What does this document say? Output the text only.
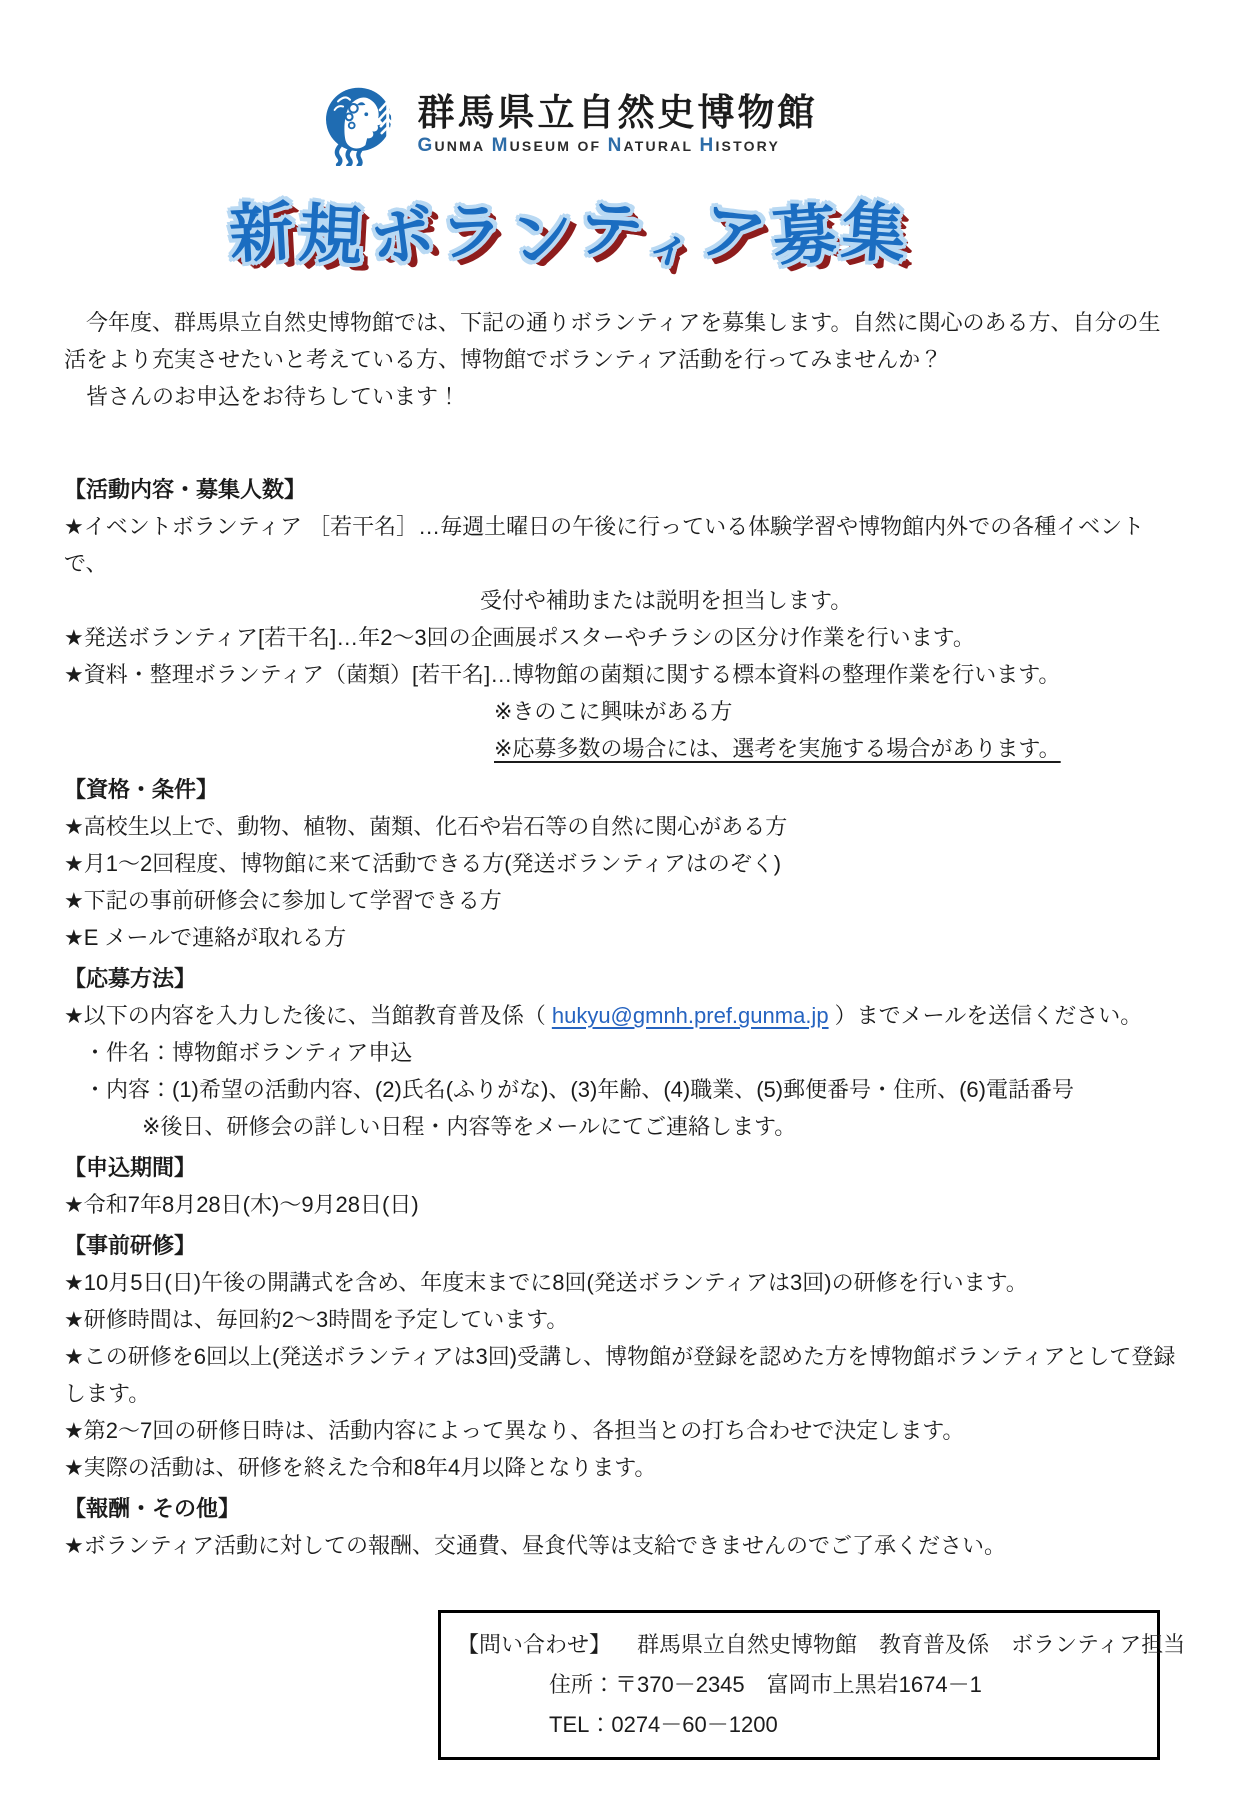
群馬県立自然史博物館
GUNMA MUSEUM OF NATURAL HISTORY
新規ボランティア募集

今年度、群馬県立自然史博物館では、下記の通りボランティアを募集します。自然に関心のある方、自分の生活をより充実させたいと考えている方、博物館でボランティア活動を行ってみませんか？

皆さんのお申込をお待ちしています！

【活動内容・募集人数】
★イベントボランティア ［若干名］…毎週土曜日の午後に行っている体験学習や博物館内外での各種イベントで、
受付や補助または説明を担当します。
★発送ボランティア[若干名]…年2～3回の企画展ポスターやチラシの区分け作業を行います。
★資料・整理ボランティア（菌類）[若干名]…博物館の菌類に関する標本資料の整理作業を行います。
※きのこに興味がある方
※応募多数の場合には、選考を実施する場合があります。
【資格・条件】
★高校生以上で、動物、植物、菌類、化石や岩石等の自然に関心がある方
★月1～2回程度、博物館に来て活動できる方(発送ボランティアはのぞく)
★下記の事前研修会に参加して学習できる方
★E メールで連絡が取れる方
【応募方法】
★以下の内容を入力した後に、当館教育普及係（ hukyu@gmnh.pref.gunma.jp ）までメールを送信ください。
・件名：博物館ボランティア申込
・内容：(1)希望の活動内容、(2)氏名(ふりがな)、(3)年齢、(4)職業、(5)郵便番号・住所、(6)電話番号
※後日、研修会の詳しい日程・内容等をメールにてご連絡します。
【申込期間】
★令和7年8月28日(木)～9月28日(日)
【事前研修】
★10月5日(日)午後の開講式を含め、年度末までに8回(発送ボランティアは3回)の研修を行います。
★研修時間は、毎回約2～3時間を予定しています。
★この研修を6回以上(発送ボランティアは3回)受講し、博物館が登録を認めた方を博物館ボランティアとして登録します。
★第2～7回の研修日時は、活動内容によって異なり、各担当との打ち合わせで決定します。
★実際の活動は、研修を終えた令和8年4月以降となります。
【報酬・その他】
★ボランティア活動に対しての報酬、交通費、昼食代等は支給できませんのでご了承ください。
【問い合わせ】 群馬県立自然史博物館　教育普及係　ボランティア担当
住所：〒370－2345　富岡市上黒岩1674－1
TEL：0274－60－1200
